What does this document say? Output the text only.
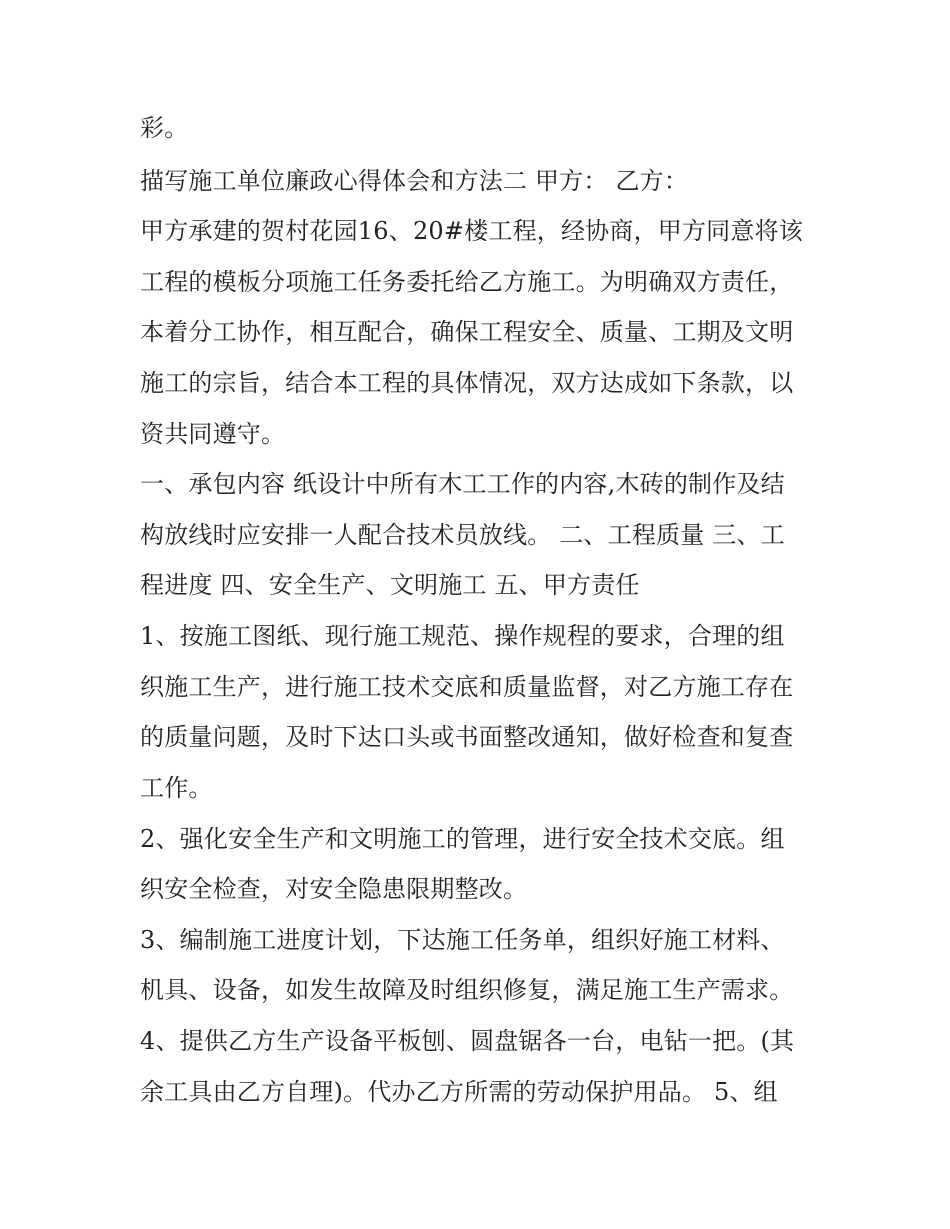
彩。
描写施工单位廉政心得体会和方法二 甲方： 乙方：
甲方承建的贺村花园16、20#楼工程，经协商，甲方同意将该
工程的模板分项施工任务委托给乙方施工。为明确双方责任，
本着分工协作，相互配合，确保工程安全、质量、工期及文明
施工的宗旨，结合本工程的具体情况，双方达成如下条款，以
资共同遵守。
一、承包内容 纸设计中所有木工工作的内容,木砖的制作及结
构放线时应安排一人配合技术员放线。 二、工程质量 三、工
程进度 四、安全生产、文明施工 五、甲方责任
1、按施工图纸、现行施工规范、操作规程的要求，合理的组
织施工生产，进行施工技术交底和质量监督，对乙方施工存在
的质量问题，及时下达口头或书面整改通知，做好检查和复查
工作。
2、强化安全生产和文明施工的管理，进行安全技术交底。组
织安全检查，对安全隐患限期整改。
3、编制施工进度计划，下达施工任务单，组织好施工材料、
机具、设备，如发生故障及时组织修复，满足施工生产需求。
4、提供乙方生产设备平板刨、圆盘锯各一台，电钻一把。(其
余工具由乙方自理)。代办乙方所需的劳动保护用品。 5、组
